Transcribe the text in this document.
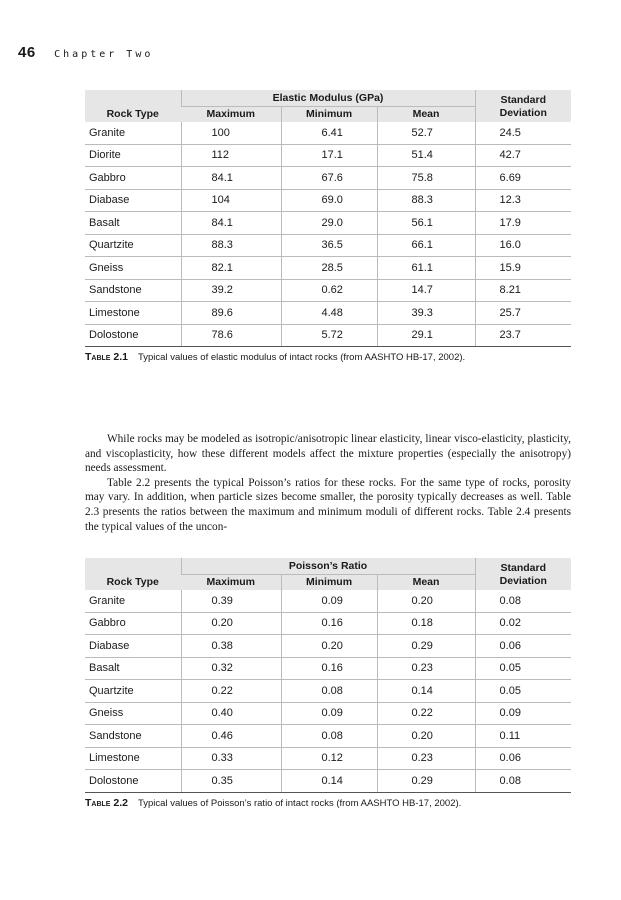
46 Chapter Two
Rock Type	Elastic Modulus (GPa)			Standard
Deviation
	Maximum	Minimum	Mean	
Granite	100	6.41	52.7	24.5
Diorite	112	17.1	51.4	42.7
Gabbro	84.1	67.6	75.8	6.69
Diabase	104	69.0	88.3	12.3
Basalt	84.1	29.0	56.1	17.9
Quartzite	88.3	36.5	66.1	16.0
Gneiss	82.1	28.5	61.1	15.9
Sandstone	39.2	0.62	14.7	8.21
Limestone	89.6	4.48	39.3	25.7
Dolostone	78.6	5.72	29.1	23.7
Table 2.1 Typical values of elastic modulus of intact rocks (from AASHTO HB-17, 2002).

While rocks may be modeled as isotropic/anisotropic linear elasticity, linear visco-elasticity, plasticity, and viscoplasticity, how these different models affect the mixture properties (especially the anisotropy) needs assessment.

Table 2.2 presents the typical Poisson’s ratios for these rocks. For the same type of rocks, porosity may vary. In addition, when particle sizes become smaller, the porosity typically decreases as well. Table 2.3 presents the ratios between the maximum and minimum moduli of different rocks. Table 2.4 presents the typical values of the uncon-

Rock Type	Poisson’s Ratio			Standard
Deviation
	Maximum	Minimum	Mean	
Granite	0.39	0.09	0.20	0.08
Gabbro	0.20	0.16	0.18	0.02
Diabase	0.38	0.20	0.29	0.06
Basalt	0.32	0.16	0.23	0.05
Quartzite	0.22	0.08	0.14	0.05
Gneiss	0.40	0.09	0.22	0.09
Sandstone	0.46	0.08	0.20	0.11
Limestone	0.33	0.12	0.23	0.06
Dolostone	0.35	0.14	0.29	0.08
Table 2.2 Typical values of Poisson’s ratio of intact rocks (from AASHTO HB-17, 2002).
